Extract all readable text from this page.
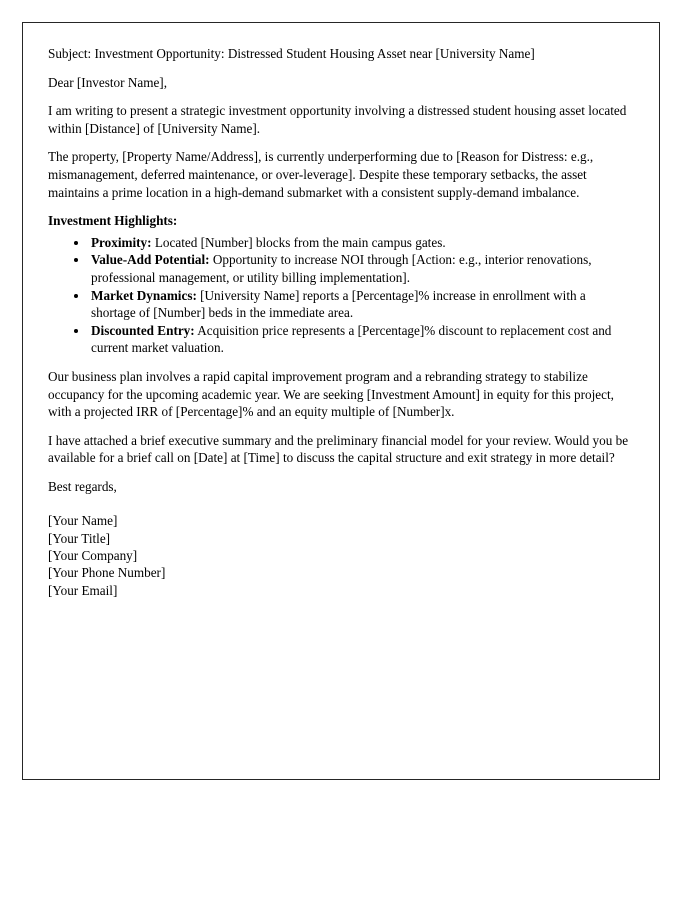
Subject: Investment Opportunity: Distressed Student Housing Asset near [University Name]

Dear [Investor Name],

I am writing to present a strategic investment opportunity involving a distressed student housing asset located within [Distance] of [University Name].

The property, [Property Name/Address], is currently underperforming due to [Reason for Distress: e.g., mismanagement, deferred maintenance, or over-leverage]. Despite these temporary setbacks, the asset maintains a prime location in a high-demand submarket with a consistent supply-demand imbalance.

Investment Highlights:

• Proximity: Located [Number] blocks from the main campus gates.
• Value-Add Potential: Opportunity to increase NOI through [Action: e.g., interior renovations, professional management, or utility billing implementation].
• Market Dynamics: [University Name] reports a [Percentage]% increase in enrollment with a shortage of [Number] beds in the immediate area.
• Discounted Entry: Acquisition price represents a [Percentage]% discount to replacement cost and current market valuation.

Our business plan involves a rapid capital improvement program and a rebranding strategy to stabilize occupancy for the upcoming academic year. We are seeking [Investment Amount] in equity for this project, with a projected IRR of [Percentage]% and an equity multiple of [Number]x.

I have attached a brief executive summary and the preliminary financial model for your review. Would you be available for a brief call on [Date] at [Time] to discuss the capital structure and exit strategy in more detail?

Best regards,

[Your Name]
[Your Title]
[Your Company]
[Your Phone Number]
[Your Email]
